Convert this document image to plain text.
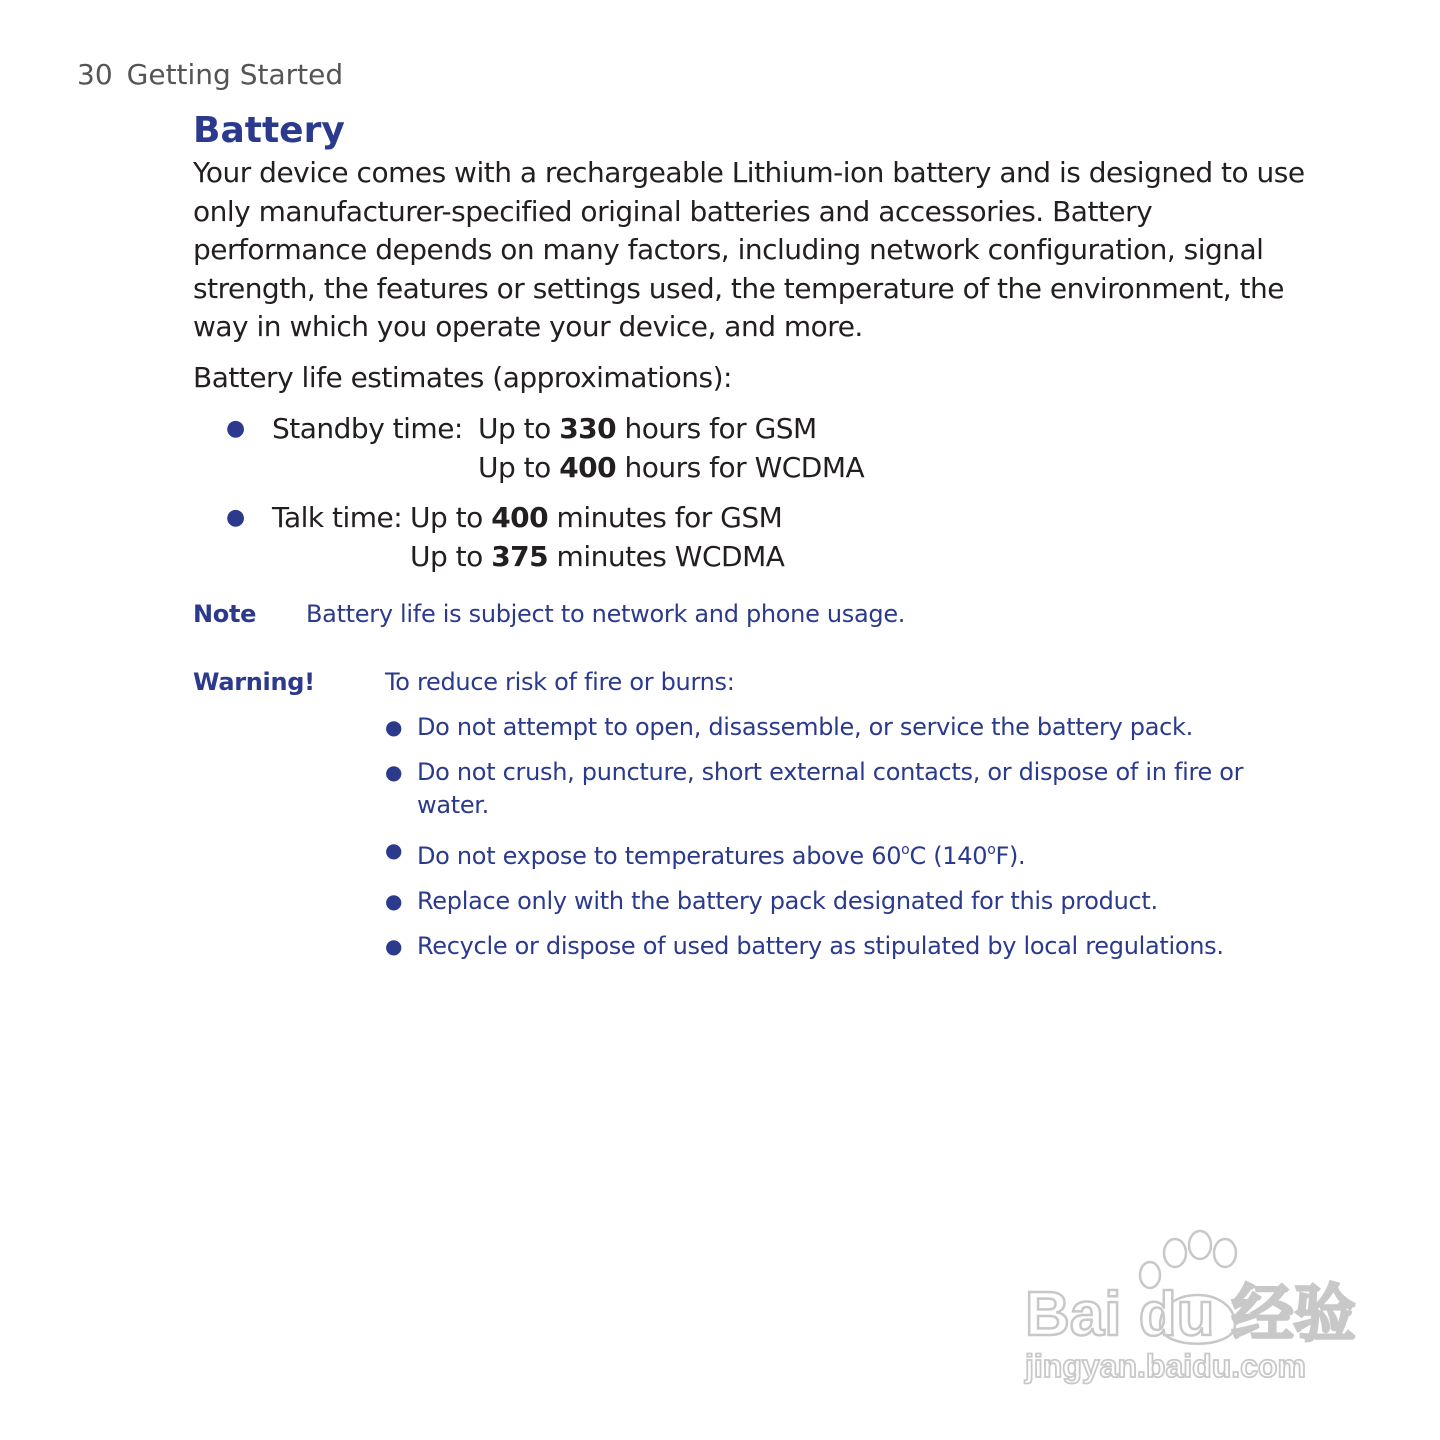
30 Getting Started
Battery

Your device comes with a rechargeable Lithium-ion battery and is designed to use only manufacturer-specified original batteries and accessories. Battery performance depends on many factors, including network configuration, signal strength, the features or settings used, the temperature of the environment, the way in which you operate your device, and more.

Battery life estimates (approximations):

● Standby time: Up to 330 hours for GSM
Up to 400 hours for WCDMA
● Talk time: Up to 400 minutes for GSM
Up to 375 minutes WCDMA
Note	Battery life is subject to network and phone usage.
Warning!	To reduce risk of fire or burns:
● Do not attempt to open, disassemble, or service the battery pack.
● Do not crush, puncture, short external contacts, or dispose of in fire or water.
● Do not expose to temperatures above 60$^o$C (140$^o$F).
● Replace only with the battery pack designated for this product.
● Recycle or dispose of used battery as stipulated by local regulations.
Bai du 经验
jingyan.baidu.com
